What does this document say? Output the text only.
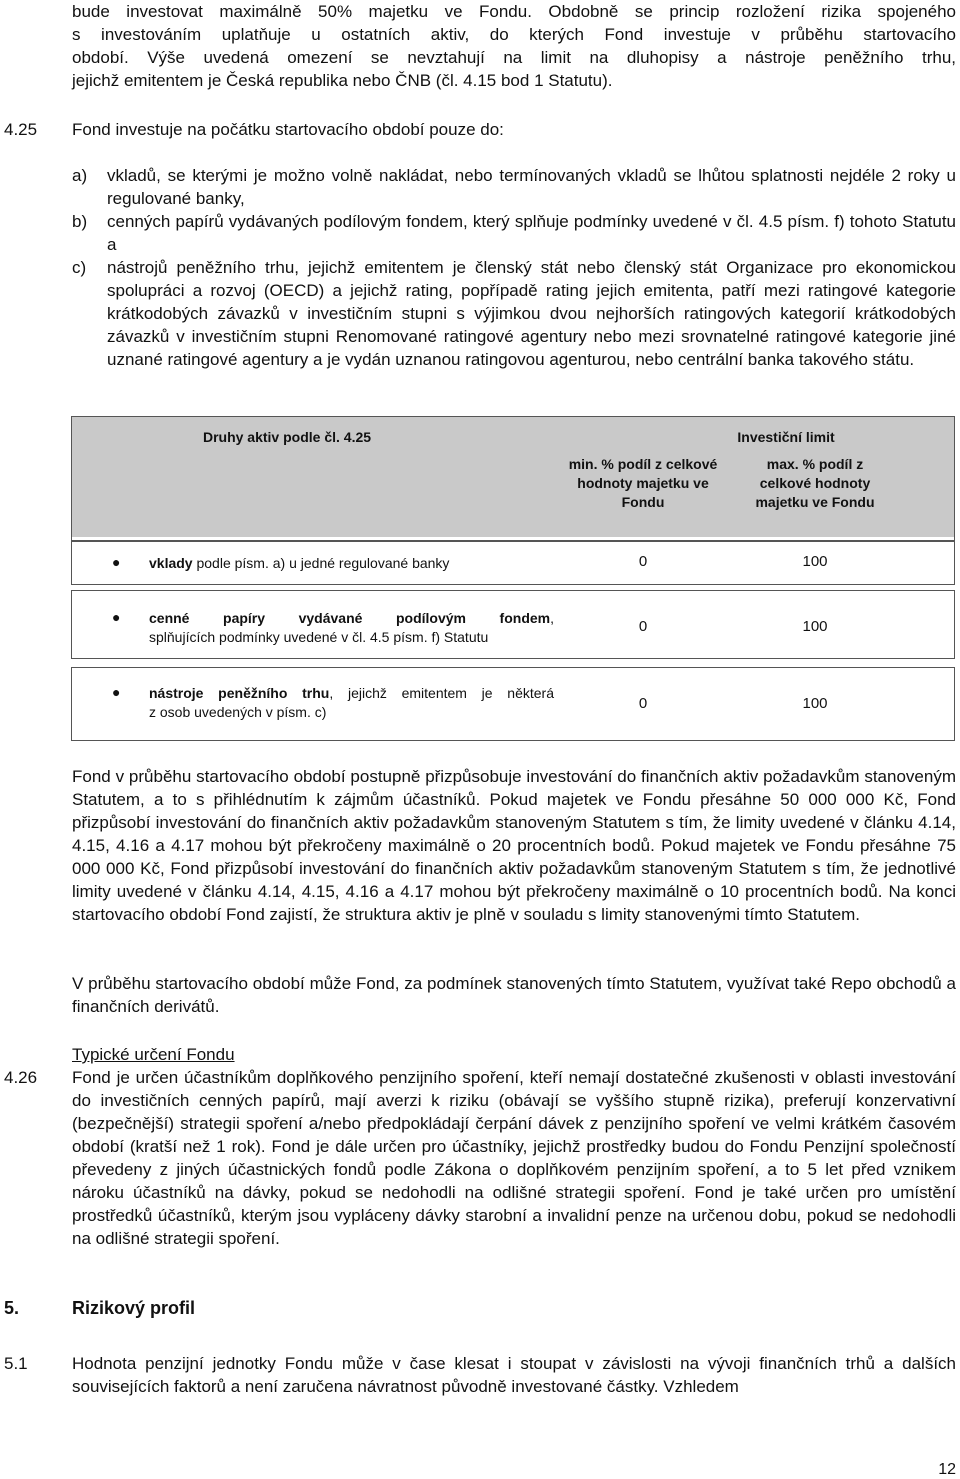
bude investovat maximálně 50% majetku ve Fondu. Obdobně se princip rozložení rizika spojeného
s investováním uplatňuje u ostatních aktiv, do kterých Fond investuje v průběhu startovacího
období. Výše uvedená omezení se nevztahují na limit na dluhopisy a nástroje peněžního trhu,
jejichž emitentem je Česká republika nebo ČNB (čl. 4.15 bod 1 Statutu).
4.25 Fond investuje na počátku startovacího období pouze do:
a) vkladů, se kterými je možno volně nakládat, nebo termínovaných vkladů se lhůtou splatnosti nejdéle 2 roky u regulované banky,
b) cenných papírů vydávaných podílovým fondem, který splňuje podmínky uvedené v čl. 4.5 písm. f) tohoto Statutu a
c) nástrojů peněžního trhu, jejichž emitentem je členský stát nebo členský stát Organizace pro ekonomickou spolupráci a rozvoj (OECD) a jejichž rating, popřípadě rating jejich emitenta, patří mezi ratingové kategorie krátkodobých závazků v investičním stupni s výjimkou dvou nejhorších ratingových kategorií krátkodobých závazků v investičním stupni Renomované ratingové agentury nebo mezi srovnatelné ratingové kategorie jiné uznané ratingové agentury a je vydán uznanou ratingovou agenturou, nebo centrální banka takového státu.
Druhy aktiv podle čl. 4.25	Investiční limit
min. % podíl z celkové hodnoty majetku ve Fondu
max. % podíl z celkové hodnoty majetku ve Fondu
● vklady podle písm. a) u jedné regulované banky	0	100
● cenné papíry vydávané podílovým fondem,
splňujících podmínky uvedené v čl. 4.5 písm. f) Statutu
0	100
● nástroje peněžního trhu, jejichž emitentem je některá
z osob uvedených v písm. c)	0	100
Fond v průběhu startovacího období postupně přizpůsobuje investování do finančních aktiv požadavkům stanoveným Statutem, a to s přihlédnutím k zájmům účastníků. Pokud majetek ve Fondu přesáhne 50 000 000 Kč, Fond přizpůsobí investování do finančních aktiv požadavkům stanoveným Statutem s tím, že limity uvedené v článku 4.14, 4.15, 4.16 a 4.17 mohou být překročeny maximálně o 20 procentních bodů. Pokud majetek ve Fondu přesáhne 75 000 000 Kč, Fond přizpůsobí investování do finančních aktiv požadavkům stanoveným Statutem s tím, že jednotlivé limity uvedené v článku 4.14, 4.15, 4.16 a 4.17 mohou být překročeny maximálně o 10 procentních bodů. Na konci startovacího období Fond zajistí, že struktura aktiv je plně v souladu s limity stanovenými tímto Statutem.
V průběhu startovacího období může Fond, za podmínek stanovených tímto Statutem, využívat také Repo obchodů a finančních derivátů.
Typické určení Fondu
4.26 Fond je určen účastníkům doplňkového penzijního spoření, kteří nemají dostatečné zkušenosti v oblasti investování do investičních cenných papírů, mají averzi k riziku (obávají se vyššího stupně rizika), preferují konzervativní (bezpečnější) strategii spoření a/nebo předpokládají čerpání dávek z penzijního spoření ve velmi krátkém časovém období (kratší než 1 rok). Fond je dále určen pro účastníky, jejichž prostředky budou do Fondu Penzijní společností převedeny z jiných účastnických fondů podle Zákona o doplňkovém penzijním spoření, a to 5 let před vznikem nároku účastníků na dávky, pokud se nedohodli na odlišné strategii spoření. Fond je také určen pro umístění prostředků účastníků, kterým jsou vypláceny dávky starobní a invalidní penze na určenou dobu, pokud se nedohodli na odlišné strategii spoření.
5.	Rizikový profil
5.1	Hodnota penzijní jednotky Fondu může v čase klesat i stoupat v závislosti na vývoji finančních trhů a dalších souvisejících faktorů a není zaručena návratnost původně investované částky. Vzhledem
12
